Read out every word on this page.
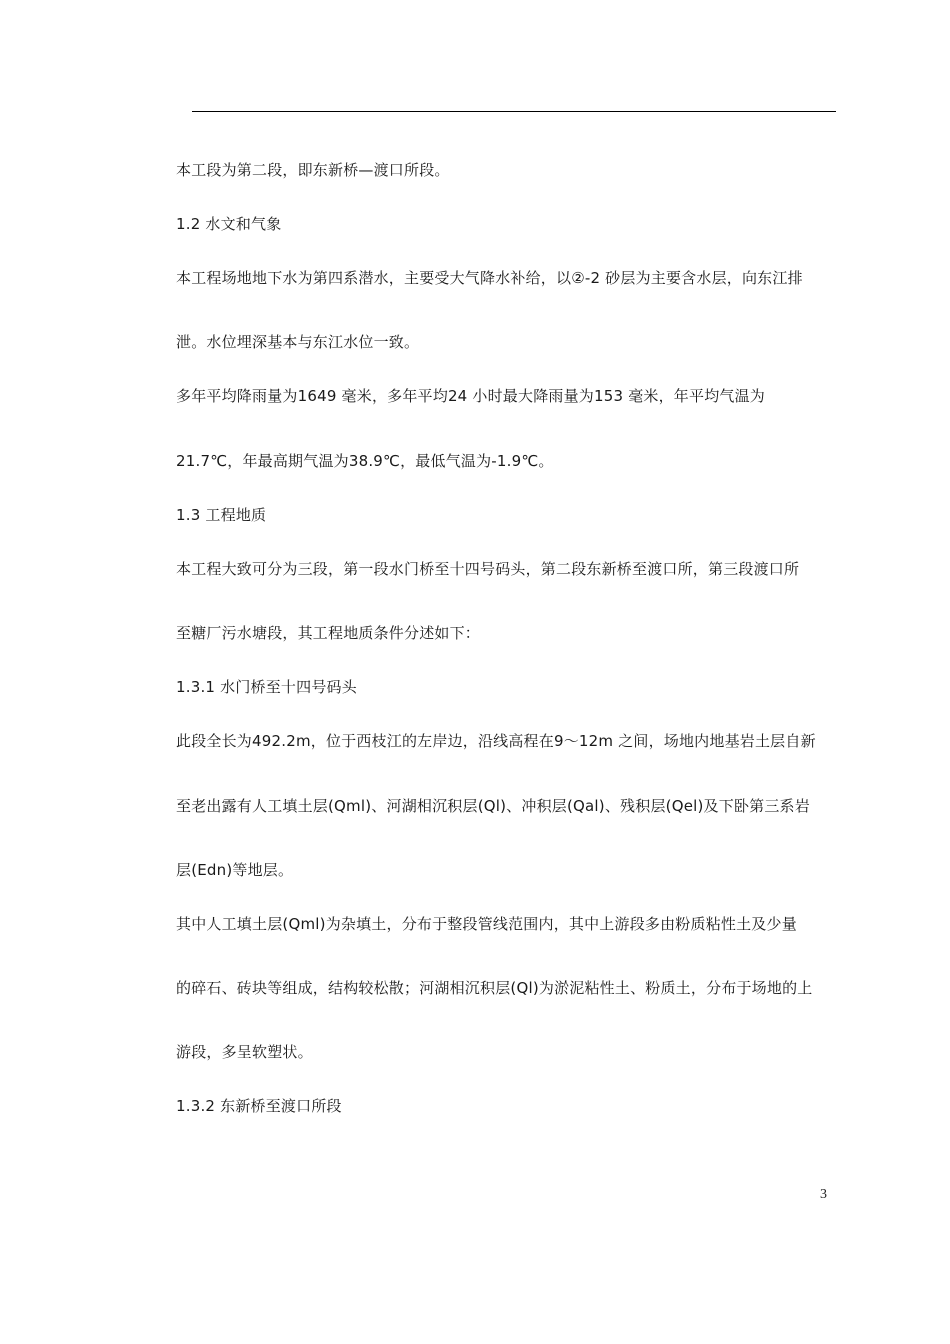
本工段为第二段，即东新桥—渡口所段。
1.2 水文和气象
本工程场地地下水为第四系潜水，主要受大气降水补给，以②-2 砂层为主要含水层，向东江排
泄。水位埋深基本与东江水位一致。
多年平均降雨量为1649 毫米，多年平均24 小时最大降雨量为153 毫米，年平均气温为
21.7℃，年最高期气温为38.9℃，最低气温为-1.9℃。
1.3 工程地质
本工程大致可分为三段，第一段水门桥至十四号码头，第二段东新桥至渡口所，第三段渡口所
至糖厂污水塘段，其工程地质条件分述如下：
1.3.1 水门桥至十四号码头
此段全长为492.2m，位于西枝江的左岸边，沿线高程在9～12m 之间，场地内地基岩土层自新
至老出露有人工填土层(Qml)、河湖相沉积层(Ql)、冲积层(Qal)、残积层(Qel)及下卧第三系岩
层(Edn)等地层。
其中人工填土层(Qml)为杂填土，分布于整段管线范围内，其中上游段多由粉质粘性土及少量
的碎石、砖块等组成，结构较松散；河湖相沉积层(Ql)为淤泥粘性土、粉质土，分布于场地的上
游段，多呈软塑状。
1.3.2 东新桥至渡口所段
3
